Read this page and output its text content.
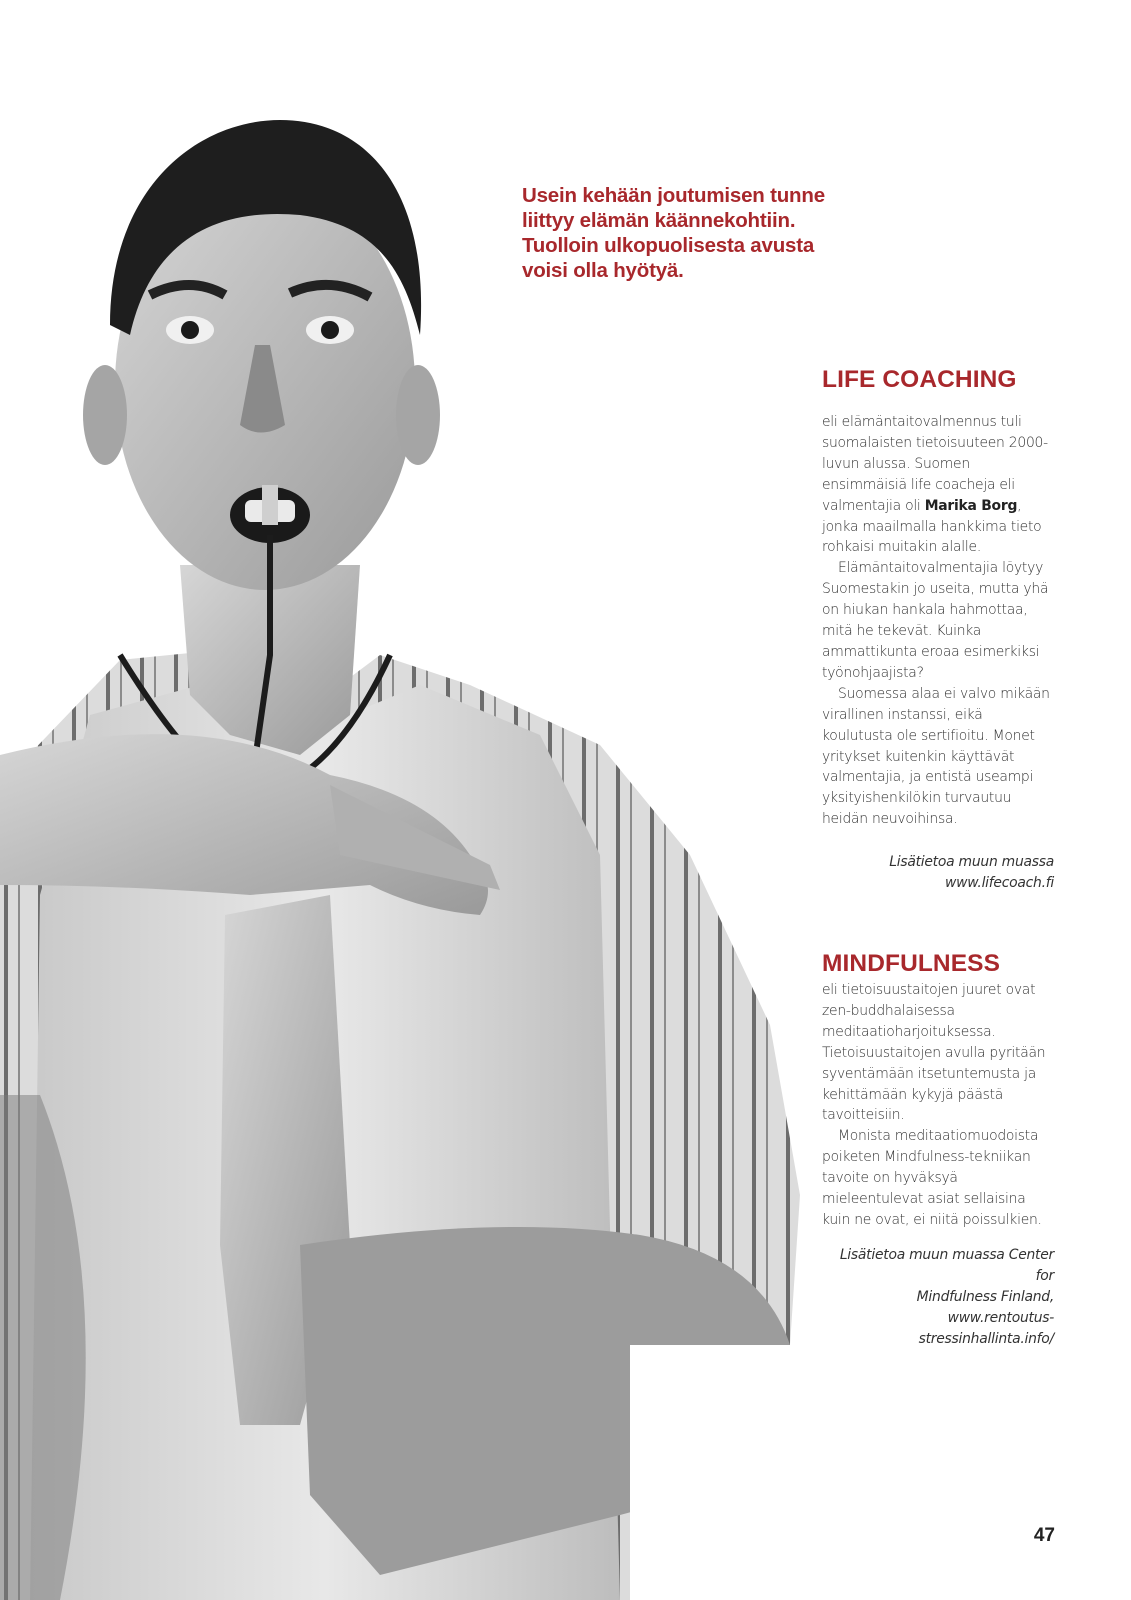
Usein kehään joutumisen tunne liittyy elämän käännekohtiin. Tuolloin ulkopuolisesta avusta voisi olla hyötyä.

LIFE COACHING

eli elämäntaitovalmennus tuli suomalaisten tietoisuuteen 2000-luvun alussa. Suomen ensimmäisiä life coacheja eli valmentajia oli Marika Borg, jonka maailmalla hankkima tieto rohkaisi muitakin alalle.

Elämäntaitovalmentajia löytyy Suomestakin jo useita, mutta yhä on hiukan hankala hahmottaa, mitä he tekevät. Kuinka ammattikunta eroaa esimerkiksi työnohjaajista?

Suomessa alaa ei valvo mikään virallinen instanssi, eikä koulutusta ole sertifioitu. Monet yritykset kuitenkin käyttävät valmentajia, ja entistä useampi yksityishenkilökin turvautuu heidän neuvoihinsa.

Lisätietoa muun muassa
www.lifecoach.fi

MINDFULNESS

eli tietoisuustaitojen juuret ovat zen-buddhalaisessa meditaatioharjoituksessa. Tietoisuustaitojen avulla pyritään syventämään itsetuntemusta ja kehittämään kykyjä päästä tavoitteisiin.

Monista meditaatiomuodoista poiketen Mindfulness-tekniikan tavoite on hyväksyä mieleentulevat asiat sellaisina kuin ne ovat, ei niitä poissulkien.

Lisätietoa muun muassa Center for
Mindfulness Finland,
www.rentoutus-stressinhallinta.info/

47
